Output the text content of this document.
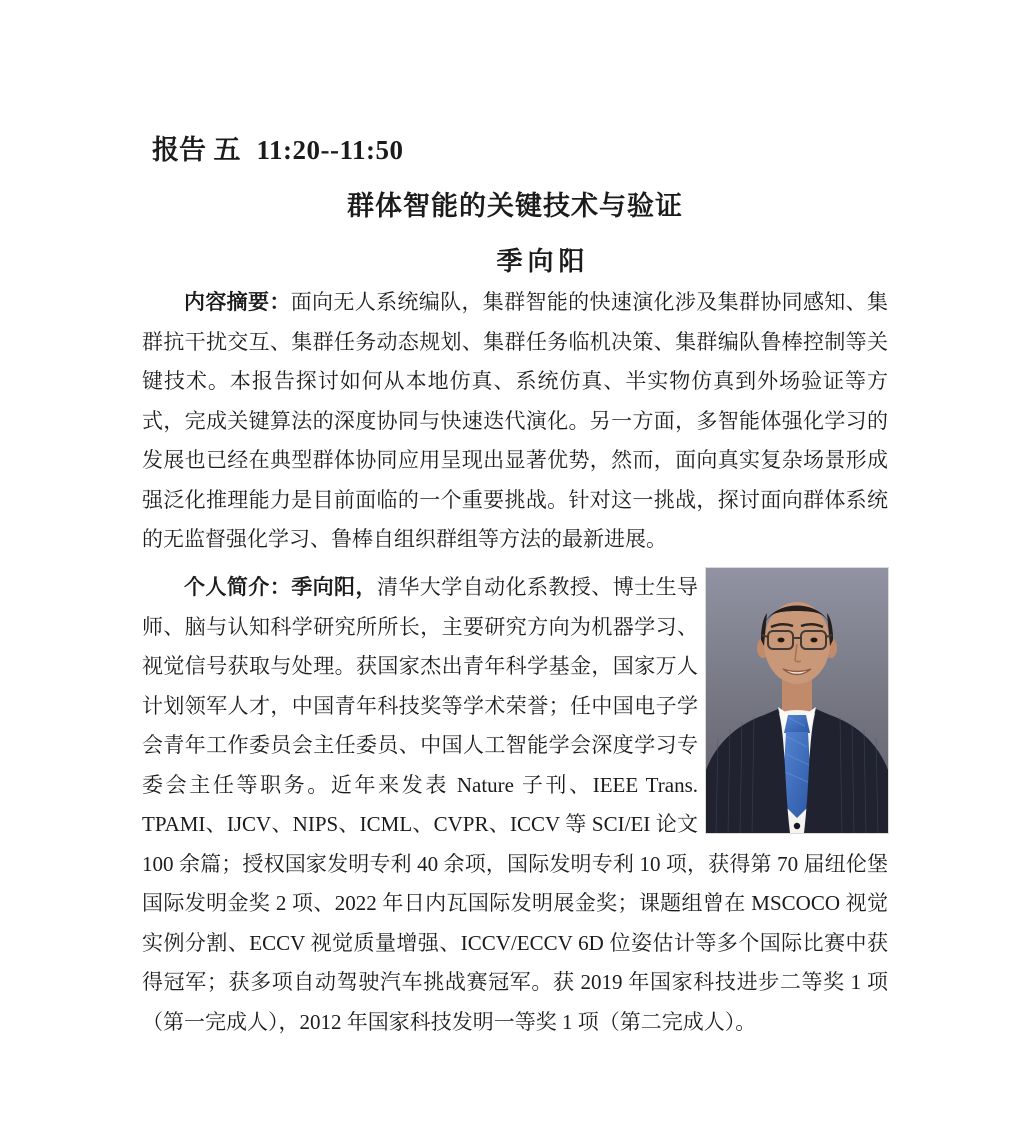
报告 五 11:20--11:50
群体智能的关键技术与验证
季向阳

内容摘要：面向无人系统编队，集群智能的快速演化涉及集群协同感知、集群抗干扰交互、集群任务动态规划、集群任务临机决策、集群编队鲁棒控制等关键技术。本报告探讨如何从本地仿真、系统仿真、半实物仿真到外场验证等方式，完成关键算法的深度协同与快速迭代演化。另一方面，多智能体强化学习的发展也已经在典型群体协同应用呈现出显著优势，然而，面向真实复杂场景形成强泛化推理能力是目前面临的一个重要挑战。针对这一挑战，探讨面向群体系统的无监督强化学习、鲁棒自组织群组等方法的最新进展。

个人简介：季向阳，清华大学自动化系教授、博士生导师、脑与认知科学研究所所长，主要研究方向为机器学习、视觉信号获取与处理。获国家杰出青年科学基金，国家万人计划领军人才，中国青年科技奖等学术荣誉；任中国电子学会青年工作委员会主任委员、中国人工智能学会深度学习专委会主任等职务。近年来发表 Nature 子刊、IEEE Trans. TPAMI、IJCV、NIPS、ICML、CVPR、ICCV 等 SCI/EI 论文 100 余篇；授权国家发明专利 40 余项，国际发明专利 10 项，获得第 70 届纽伦堡国际发明金奖 2 项、2022 年日内瓦国际发明展金奖；课题组曾在 MSCOCO 视觉实例分割、ECCV 视觉质量增强、ICCV/ECCV 6D 位姿估计等多个国际比赛中获得冠军；获多项自动驾驶汽车挑战赛冠军。获 2019 年国家科技进步二等奖 1 项（第一完成人），2012 年国家科技发明一等奖 1 项（第二完成人）。
